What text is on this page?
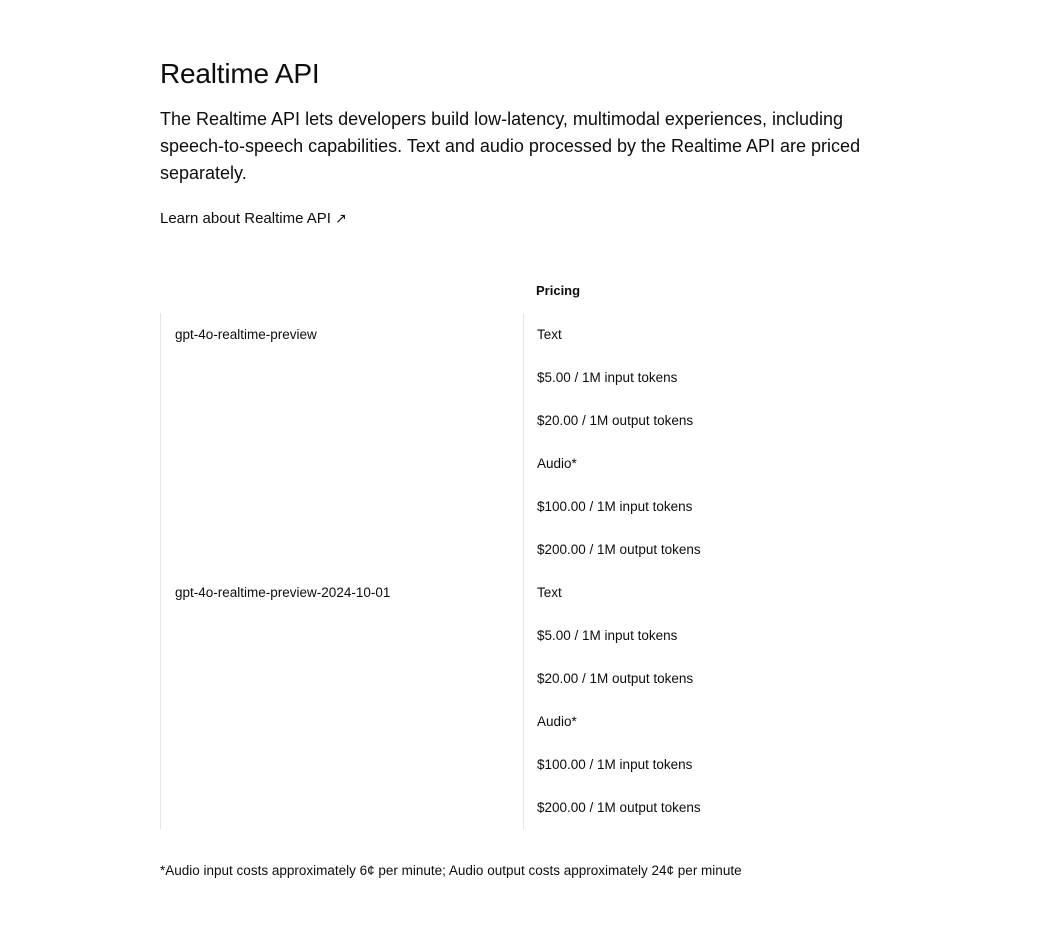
Realtime API

The Realtime API lets developers build low-latency, multimodal experiences, including speech-to-speech capabilities. Text and audio processed by the Realtime API are priced separately.

Learn about Realtime API ↗
Pricing
gpt-4o-realtime-preview	Text
$5.00 / 1M input tokens
$20.00 / 1M output tokens
Audio*
$100.00 / 1M input tokens
$200.00 / 1M output tokens
gpt-4o-realtime-preview-2024-10-01	Text
$5.00 / 1M input tokens
$20.00 / 1M output tokens
Audio*
$100.00 / 1M input tokens
$200.00 / 1M output tokens
*Audio input costs approximately 6¢ per minute; Audio output costs approximately 24¢ per minute
